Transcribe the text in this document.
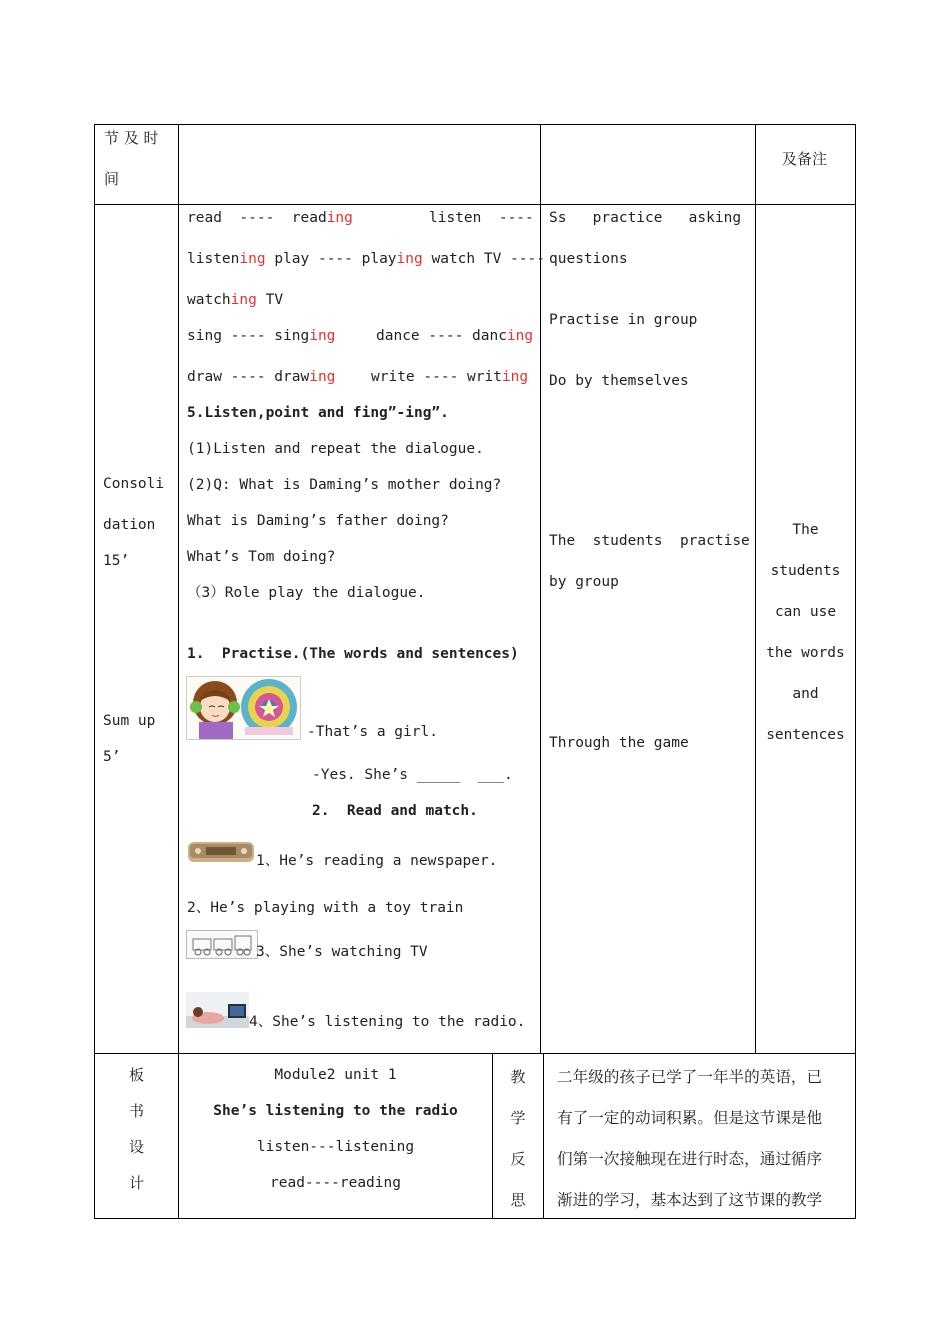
节 及 时
间
及备注
Consoli
dation
15’
Sum up
5’
read  ----  reading	listen  ----
listening play ---- playing watch TV ----
watching TV
sing ---- singing	dance ---- dancing
draw ---- drawing write ---- writing
5.Listen,point and fing”-ing”.
(1)Listen and repeat the dialogue.
(2)Q: What is Daming’s mother doing?
What is Daming’s father doing?
What’s Tom doing?
（3）Role play the dialogue.
1.  Practise.(The words and sentences)
-That’s a girl.
-Yes. She’s _____  ___.
2.  Read and match.
1、He’s reading a newspaper.
2、He’s playing with a toy train
3、She’s watching TV
4、She’s listening to the radio.
Ss   practice   asking
questions
Practise in group
Do by themselves
The  students  practise
by group
Through the game
The
students
can use
the words
and
sentences
板
书
设
计
Module2 unit 1
She’s listening to the radio
listen---listening
read----reading
教
学
反
思
二年级的孩子已学了一年半的英语，已
有了一定的动词积累。但是这节课是他
们第一次接触现在进行时态，通过循序
渐进的学习，基本达到了这节课的教学
